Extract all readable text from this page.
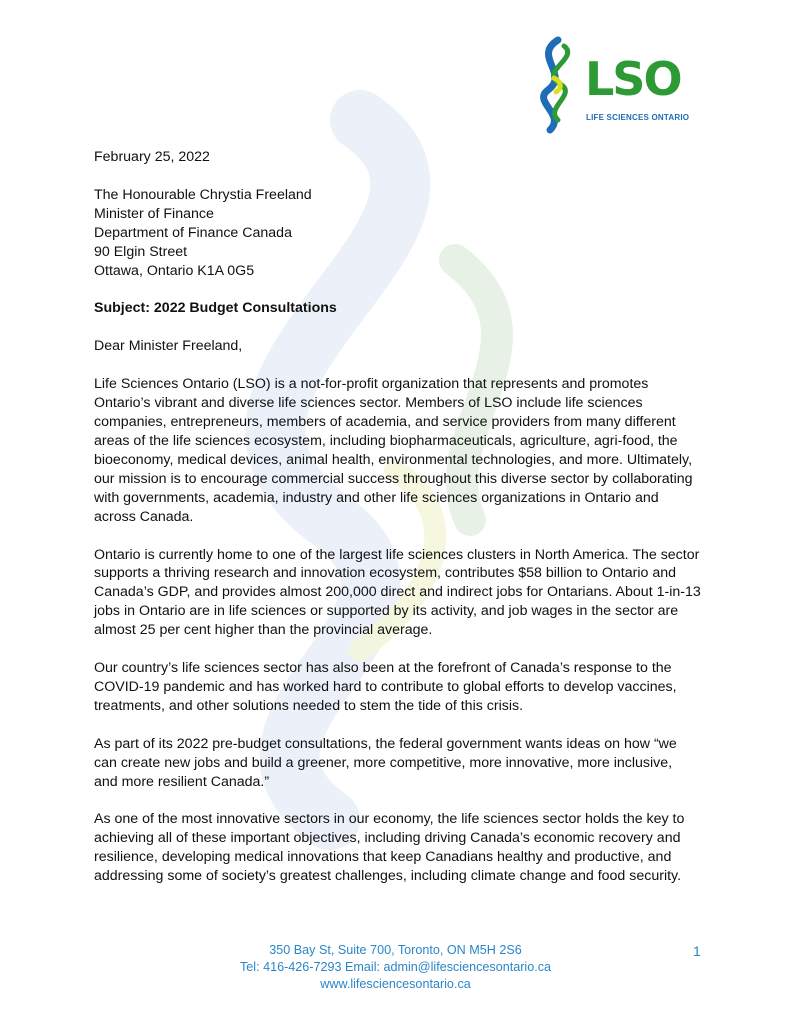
LSO
LIFE SCIENCES ONTARIO

February 25, 2022

The Honourable Chrystia Freeland
Minister of Finance
Department of Finance Canada
90 Elgin Street
Ottawa, Ontario K1A 0G5

Subject: 2022 Budget Consultations

Dear Minister Freeland,

Life Sciences Ontario (LSO) is a not-for-profit organization that represents and promotes
Ontario’s vibrant and diverse life sciences sector. Members of LSO include life sciences
companies, entrepreneurs, members of academia, and service providers from many different
areas of the life sciences ecosystem, including biopharmaceuticals, agriculture, agri-food, the
bioeconomy, medical devices, animal health, environmental technologies, and more. Ultimately,
our mission is to encourage commercial success throughout this diverse sector by collaborating
with governments, academia, industry and other life sciences organizations in Ontario and
across Canada.

Ontario is currently home to one of the largest life sciences clusters in North America. The sector
supports a thriving research and innovation ecosystem, contributes $58 billion to Ontario and
Canada’s GDP, and provides almost 200,000 direct and indirect jobs for Ontarians. About 1-in-13
jobs in Ontario are in life sciences or supported by its activity, and job wages in the sector are
almost 25 per cent higher than the provincial average.

Our country’s life sciences sector has also been at the forefront of Canada’s response to the
COVID-19 pandemic and has worked hard to contribute to global efforts to develop vaccines,
treatments, and other solutions needed to stem the tide of this crisis.

As part of its 2022 pre-budget consultations, the federal government wants ideas on how “we
can create new jobs and build a greener, more competitive, more innovative, more inclusive,
and more resilient Canada.”

As one of the most innovative sectors in our economy, the life sciences sector holds the key to
achieving all of these important objectives, including driving Canada’s economic recovery and
resilience, developing medical innovations that keep Canadians healthy and productive, and
addressing some of society’s greatest challenges, including climate change and food security.

350 Bay St, Suite 700, Toronto, ON M5H 2S6
Tel: 416-426-7293 Email: admin@lifesciencesontario.ca
www.lifesciencesontario.ca
1
